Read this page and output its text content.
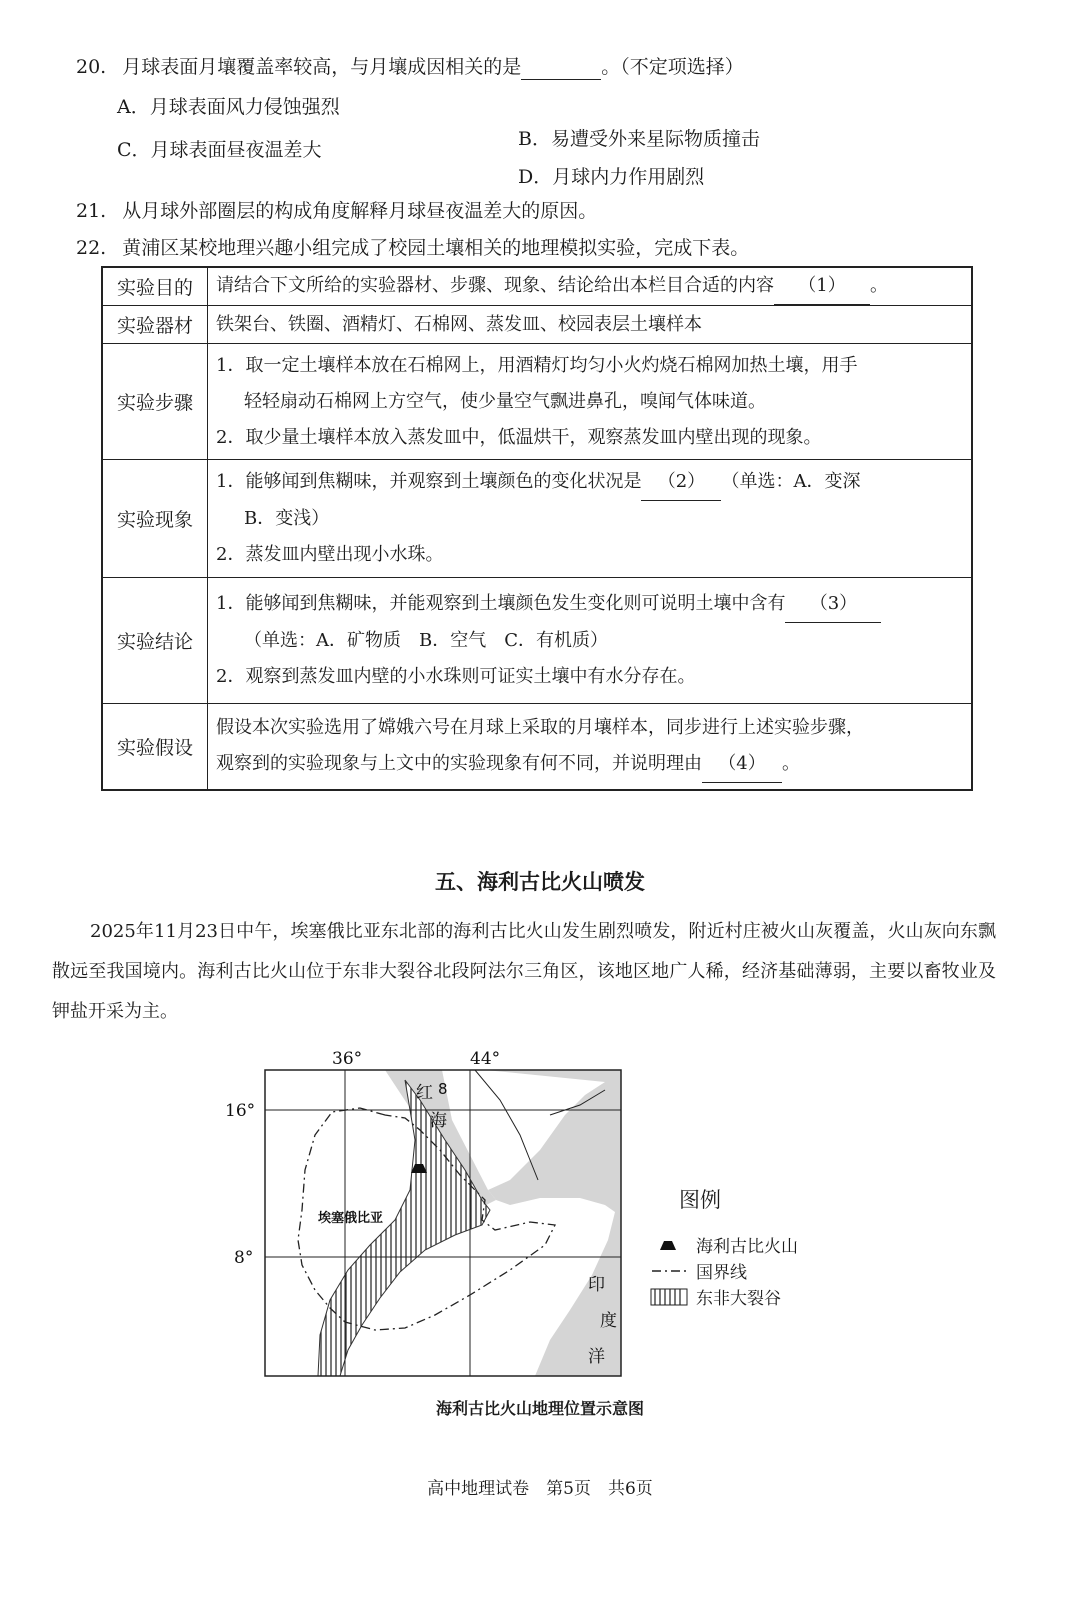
20. 月球表面月壤覆盖率较高，与月壤成因相关的是	。（不定项选择）
A．月球表面风力侵蚀强烈
B．易遭受外来星际物质撞击
C．月球表面昼夜温差大
D．月球内力作用剧烈
21. 从月球外部圈层的构成角度解释月球昼夜温差大的原因。
22. 黄浦区某校地理兴趣小组完成了校园土壤相关的地理模拟实验，完成下表。
实验目的	请结合下文所给的实验器材、步骤、现象、结论给出本栏目合适的内容 （1） 。

实验器材	铁架台、铁圈、酒精灯、石棉网、蒸发皿、校园表层土壤样本

实验步骤	1．取一定土壤样本放在石棉网上，用酒精灯均匀小火灼烧石棉网加热土壤，用手
轻轻扇动石棉网上方空气，使少量空气飘进鼻孔，嗅闻气体味道。
2．取少量土壤样本放入蒸发皿中，低温烘干，观察蒸发皿内壁出现的现象。

实验现象	1．能够闻到焦糊味，并观察到土壤颜色的变化状况是 （2） （单选：A．变深
B．变浅）
2．蒸发皿内壁出现小水珠。

实验结论	1．能够闻到焦糊味，并能观察到土壤颜色发生变化则可说明土壤中含有 （3）
（单选：A．矿物质　B．空气　C．有机质）
2．观察到蒸发皿内壁的小水珠则可证实土壤中有水分存在。

实验假设	假设本次实验选用了嫦娥六号在月球上采取的月壤样本，同步进行上述实验步骤，
观察到的实验现象与上文中的实验现象有何不同，并说明理由 （4） 。
五、海利古比火山喷发
2025年11月23日中午，埃塞俄比亚东北部的海利古比火山发生剧烈喷发，附近村庄被火山灰覆盖，火山灰向东飘散远至我国境内。海利古比火山位于东非大裂谷北段阿法尔三角区，该地区地广人稀，经济基础薄弱，主要以畜牧业及钾盐开采为主。
36°	44°
16°
8°
红 8
海
埃塞俄比亚
印
度
洋
图例
海利古比火山
国界线
东非大裂谷
海利古比火山地理位置示意图
高中地理试卷　第5页　共6页
